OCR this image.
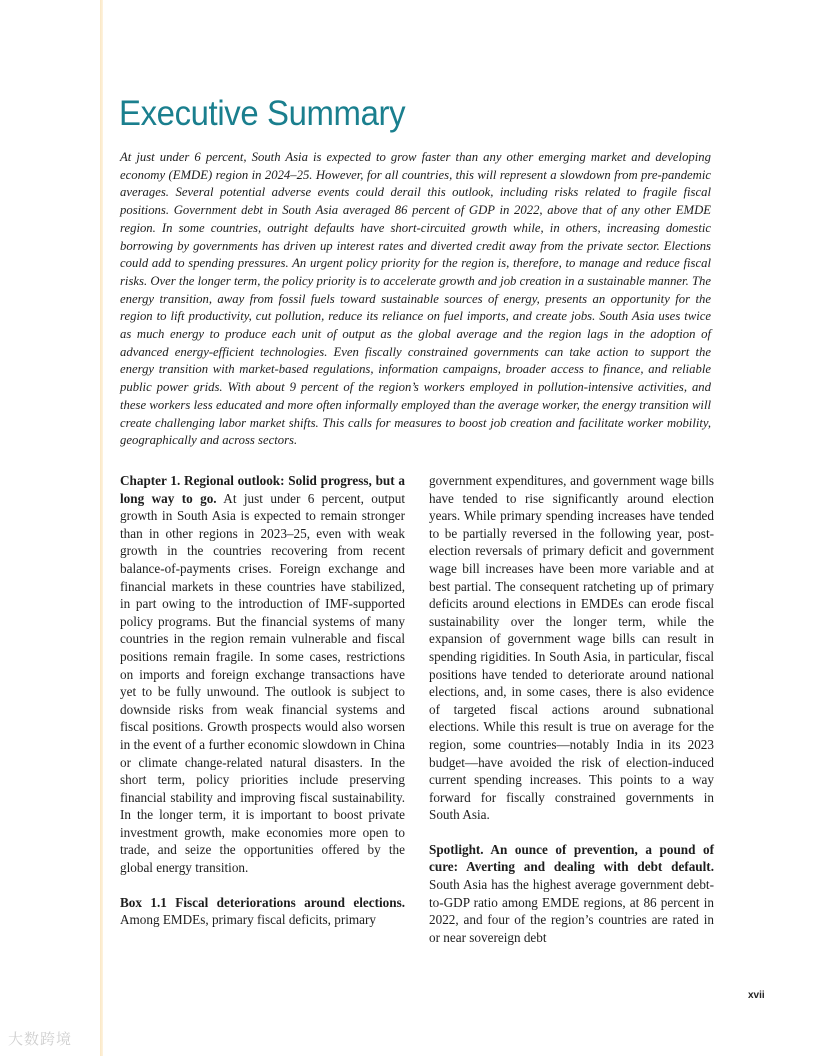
Executive Summary

At just under 6 percent, South Asia is expected to grow faster than any other emerging market and developing economy (EMDE) region in 2024–25. However, for all countries, this will represent a slowdown from pre-pandemic averages. Several potential adverse events could derail this outlook, including risks related to fragile fiscal positions. Government debt in South Asia averaged 86 percent of GDP in 2022, above that of any other EMDE region. In some countries, outright defaults have short-circuited growth while, in others, increasing domestic borrowing by governments has driven up interest rates and diverted credit away from the private sector. Elections could add to spending pressures. An urgent policy priority for the region is, therefore, to manage and reduce fiscal risks. Over the longer term, the policy priority is to accelerate growth and job creation in a sustainable manner. The energy transition, away from fossil fuels toward sustainable sources of energy, presents an opportunity for the region to lift productivity, cut pollution, reduce its reliance on fuel imports, and create jobs. South Asia uses twice as much energy to produce each unit of output as the global average and the region lags in the adoption of advanced energy-efficient technologies. Even fiscally constrained governments can take action to support the energy transition with market-based regulations, information campaigns, broader access to finance, and reliable public power grids. With about 9 percent of the region’s workers employed in pollution-intensive activities, and these workers less educated and more often informally employed than the average worker, the energy transition will create challenging labor market shifts. This calls for measures to boost job creation and facilitate worker mobility, geographically and across sectors.

Chapter 1. Regional outlook: Solid progress, but a long way to go. At just under 6 percent, output growth in South Asia is expected to remain stronger than in other regions in 2023–25, even with weak growth in the countries recovering from recent balance-of-payments crises. Foreign exchange and financial markets in these countries have stabilized, in part owing to the introduction of IMF-supported policy programs. But the financial systems of many countries in the region remain vulnerable and fiscal positions remain fragile. In some cases, restrictions on imports and foreign exchange transactions have yet to be fully unwound. The outlook is subject to downside risks from weak financial systems and fiscal positions. Growth prospects would also worsen in the event of a further economic slowdown in China or climate change-related natural disasters. In the short term, policy priorities include preserving financial stability and improving fiscal sustainability. In the longer term, it is important to boost private investment growth, make economies more open to trade, and seize the opportunities offered by the global energy transition.

Box 1.1 Fiscal deteriorations around elections. Among EMDEs, primary fiscal deficits, primary

government expenditures, and government wage bills have tended to rise significantly around election years. While primary spending increases have tended to be partially reversed in the following year, post-election reversals of primary deficit and government wage bill increases have been more variable and at best partial. The consequent ratcheting up of primary deficits around elections in EMDEs can erode fiscal sustainability over the longer term, while the expansion of government wage bills can result in spending rigidities. In South Asia, in particular, fiscal positions have tended to deteriorate around national elections, and, in some cases, there is also evidence of targeted fiscal actions around subnational elections. While this result is true on average for the region, some countries—notably India in its 2023 budget—have avoided the risk of election-induced current spending increases. This points to a way forward for fiscally constrained governments in South Asia.

Spotlight. An ounce of prevention, a pound of cure: Averting and dealing with debt default. South Asia has the highest average government debt-to-GDP ratio among EMDE regions, at 86 percent in 2022, and four of the region’s countries are rated in or near sovereign debt

xvii
大数跨境
